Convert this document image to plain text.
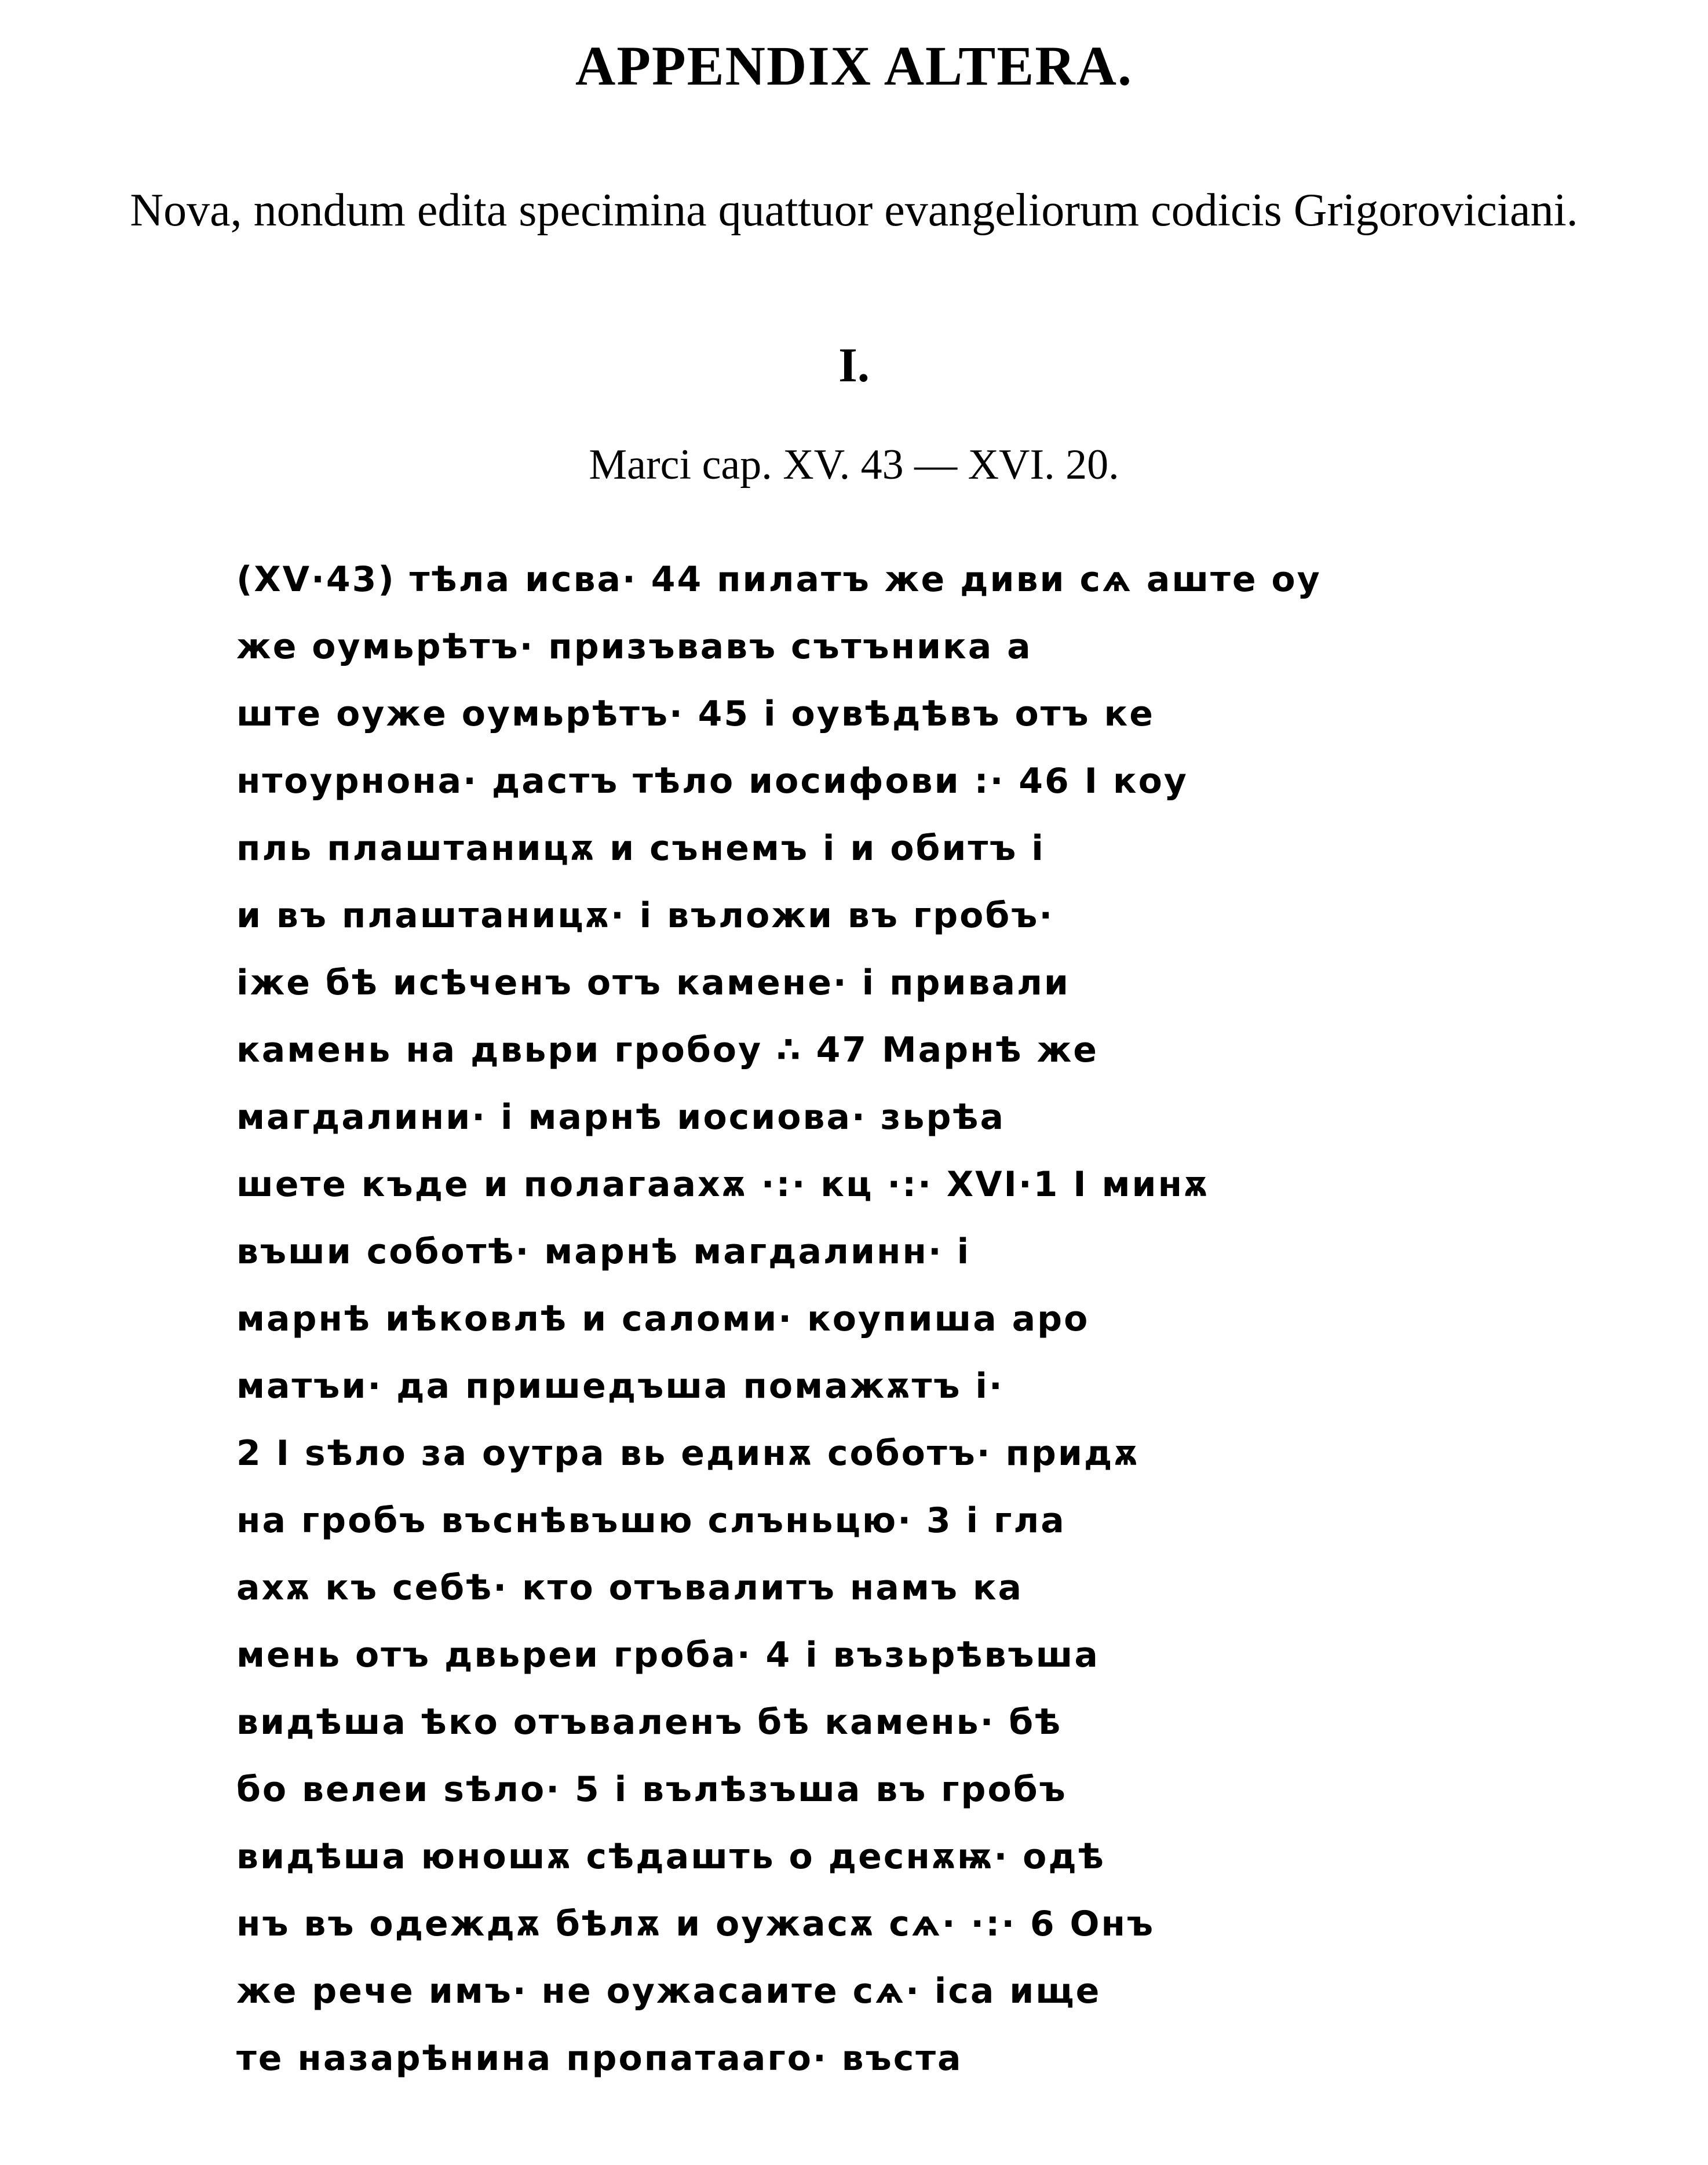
APPENDIX ALTERA.
Nova, nondum edita specimina quattuor evangeliorum codicis Grigoroviciani.
I.
Marci cap. XV. 43 — XVI. 20.
(XV·43) тѣла исва· 44 пилатъ же диви сѧ аште оу
же оумьрѣтъ· призъвавъ сътъника а
ште оуже оумьрѣтъ· 45 і оувѣдѣвъ отъ ке
нтоурнона· дастъ тѣло иосифови :· 46 І коу
пль плаштаницѫ и сънемъ і и обитъ і
и въ плаштаницѫ· і вълoжи въ гробъ·
іже бѣ исѣченъ отъ камене· і привали
камень на двьри гробоу ∴ 47 Марнѣ же
магдалини· і марнѣ иосиова· зьрѣа
шете къде и полагаахѫ ·:· кц ·:· XVI·1 І минѫ
въши соботѣ· марнѣ магдалинн· і
марнѣ иѣковлѣ и саломи· коупиша аро
матъи· да пришедъша помажѫтъ і·
2 І ѕѣло за оутра вь единѫ соботъ· придѫ
на гробъ въснѣвъшю слъньцю· 3 і гла
ахѫ къ себѣ· кто отъвалитъ намъ ка
мень отъ двьреи гроба· 4 і възьрѣвъша
видѣша ѣко отъваленъ бѣ камень· бѣ
бо велеи ѕѣло· 5 і вълѣзъша въ гробъ
видѣша юношѫ сѣдашть о деснѫѭ· одѣ
нъ въ одеждѫ бѣлѫ и оужасѫ сѧ· ·:· 6 Онъ
же рече имъ· не оужасаите сѧ· іса ище
те назарѣнина пропатааго· въста
